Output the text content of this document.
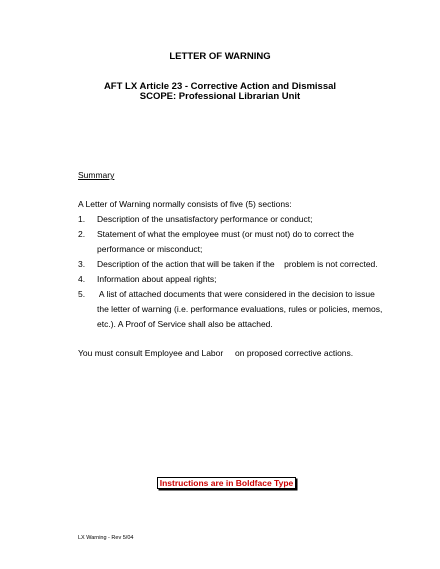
LETTER OF WARNING
AFT LX Article 23 - Corrective Action and Dismissal
SCOPE: Professional Librarian Unit
Summary
A Letter of Warning normally consists of five (5) sections:
1. Description of the unsatisfactory performance or conduct;
2. Statement of what the employee must (or must not) do to correct the
performance or misconduct;
3. Description of the action that will be taken if the    problem is not corrected.
4. Information about appeal rights;
5. A list of attached documents that were considered in the decision to issue
the letter of warning (i.e. performance evaluations, rules or policies, memos,
etc.). A Proof of Service shall also be attached.
You must consult Employee and Labor     on proposed corrective actions.
Instructions are in Boldface Type
LX Warning - Rev 5/04
